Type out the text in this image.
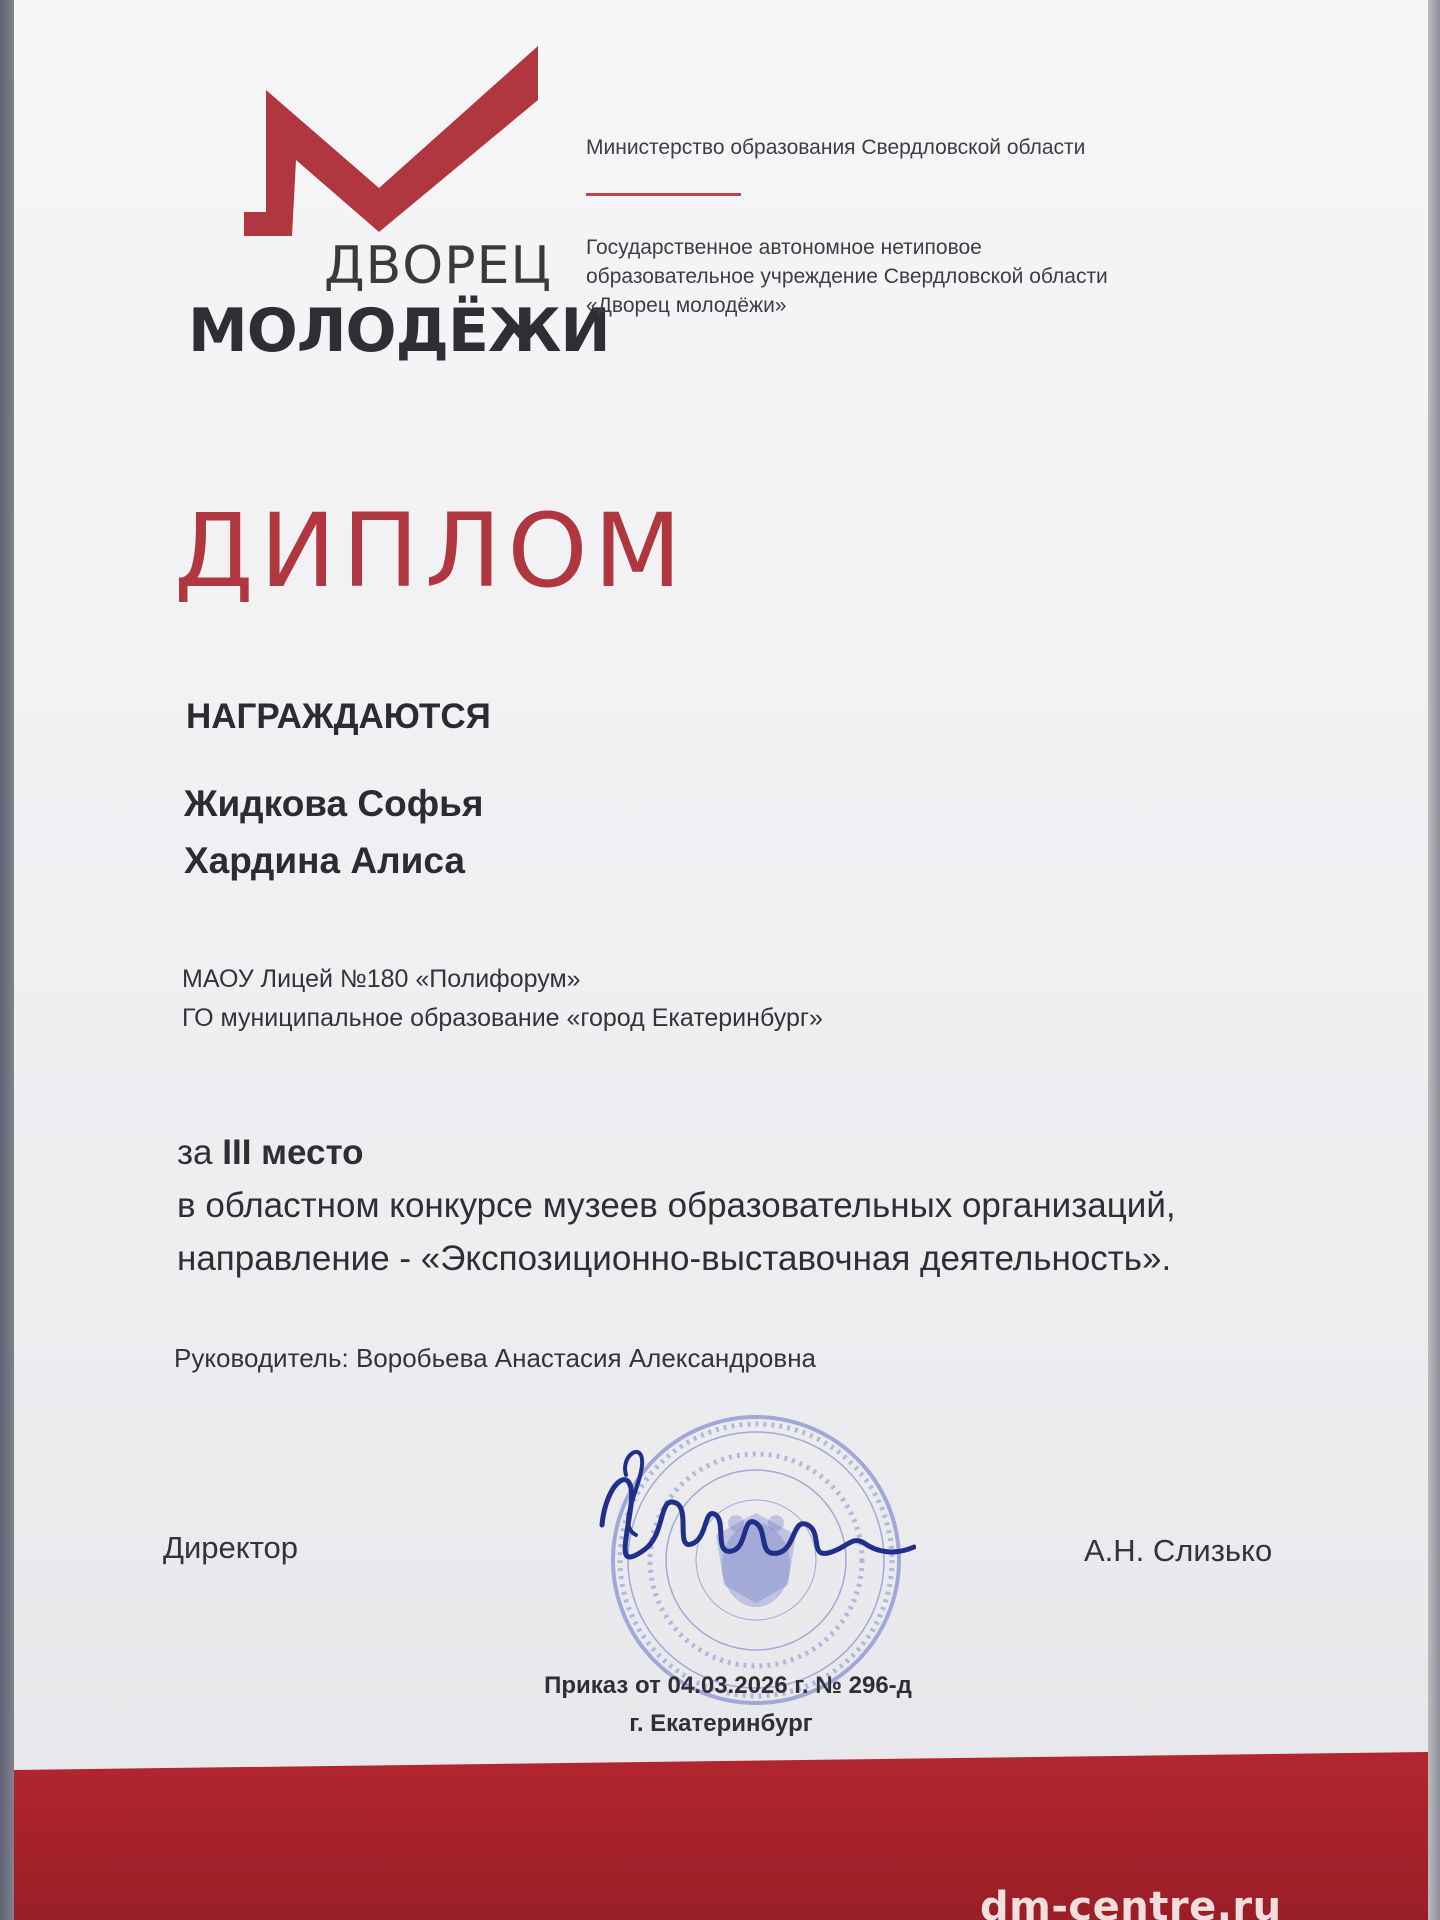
ДВОРЕЦ
МОЛОДЁЖИ
Министерство образования Свердловской области
Государственное автономное нетиповое
образовательное учреждение Свердловской области
«Дворец молодёжи»
ДИПЛОМ
НАГРАЖДАЮТСЯ
Жидкова Софья
Хардина Алиса
МАОУ Лицей №180 «Полифорум»
ГО муниципальное образование «город Екатеринбург»
за III место
в областном конкурсе музеев образовательных организаций,
направление - «Экспозиционно-выставочная деятельность».
Руководитель: Воробьева Анастасия Александровна
Директор	А.Н. Слизько
Приказ от 04.03.2026 г. № 296-д
г. Екатеринбург
dm-centre.ru
